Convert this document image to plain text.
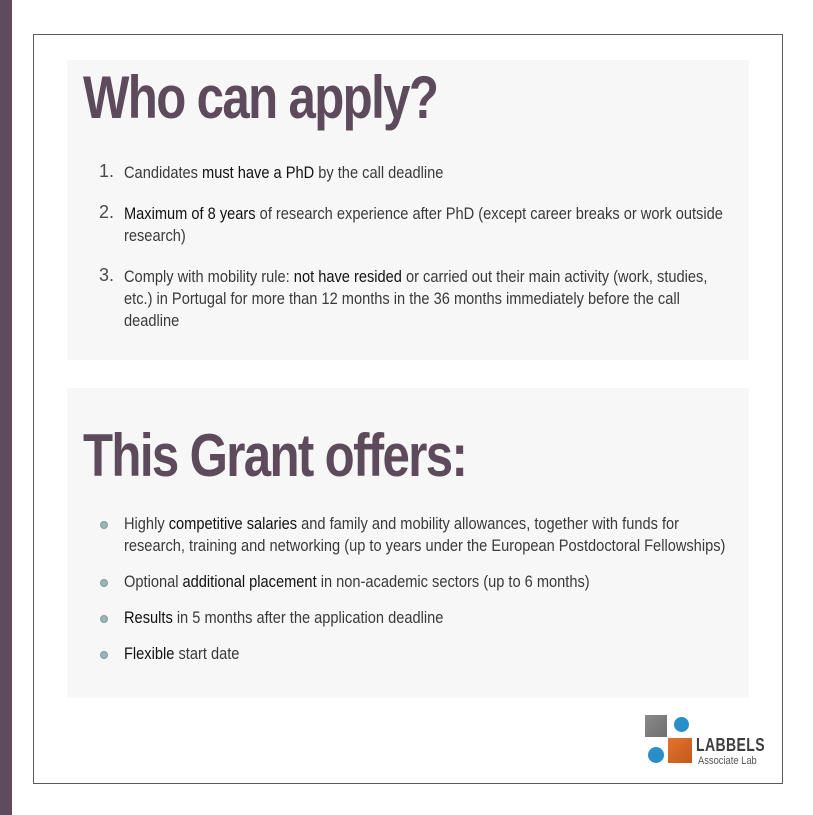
Who can apply?
1. Candidates must have a PhD by the call deadline
2. Maximum of 8 years of research experience after PhD (except career breaks or work outside research)
3. Comply with mobility rule: not have resided or carried out their main activity (work, studies, etc.) in Portugal for more than 12 months in the 36 months immediately before the call deadline
This Grant offers:
Highly competitive salaries and family and mobility allowances, together with funds for research, training and networking (up to years under the European Postdoctoral Fellowships)
Optional additional placement in non-academic sectors (up to 6 months)
Results in 5 months after the application deadline
Flexible start date
LABBELS
Associate Lab
